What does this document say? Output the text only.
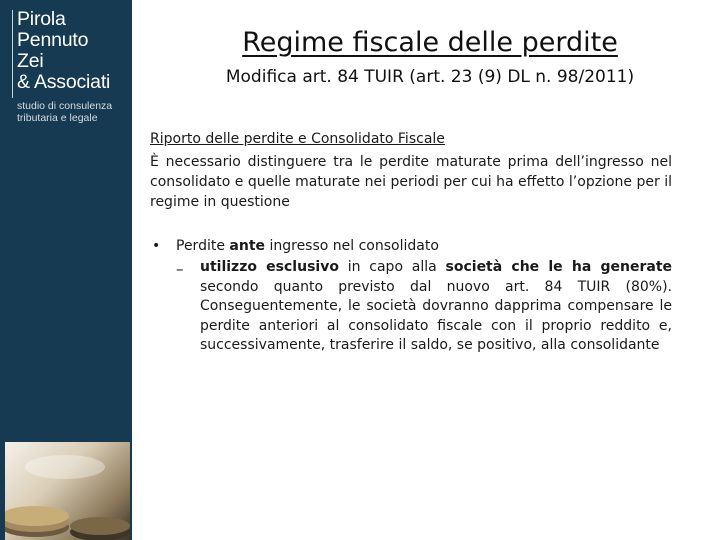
Pirola
Pennuto
Zei
& Associati
studio di consulenza
tributaria e legale
Regime fiscale delle perdite
Modifica art. 84 TUIR (art. 23 (9) DL n. 98/2011)
Riporto delle perdite e Consolidato Fiscale
È necessario distinguere tra le perdite maturate prima dell’ingresso nel consolidato e quelle maturate nei periodi per cui ha effetto l’opzione per il regime in questione
• Perdite ante ingresso nel consolidato
– utilizzo esclusivo in capo alla società che le ha generate secondo quanto previsto dal nuovo art. 84 TUIR (80%). Conseguentemente, le società dovranno dapprima compensare le perdite anteriori al consolidato fiscale con il proprio reddito e, successivamente, trasferire il saldo, se positivo, alla consolidante
